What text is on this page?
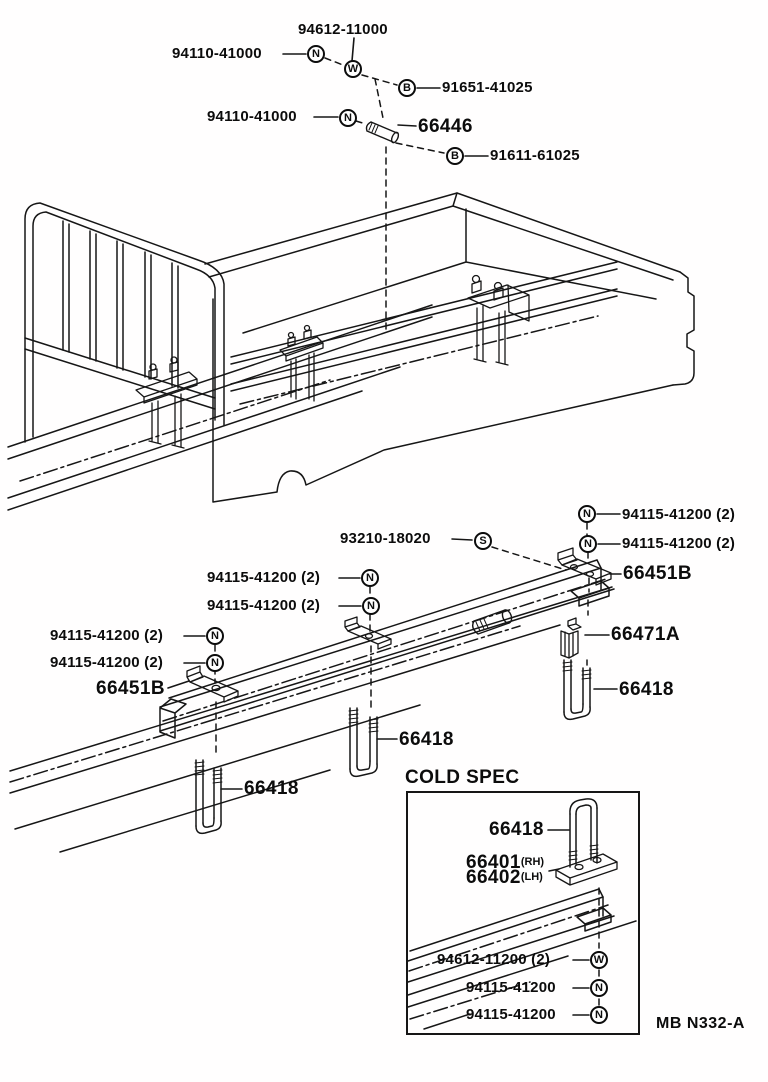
94612-11000
94110-41000
91651-41025
94110-41000	66446
91611-61025
93210-18020
94115-41200 (2)
94115-41200 (2)
66451B
94115-41200 (2)
94115-41200 (2)
94115-41200 (2)
94115-41200 (2)
66451B
66471A
66418
66418
66418
COLD SPEC
66418
66401(RH)
66402(LH)
94612-11200 (2)
94115-41200
94115-41200
MB N332-A
N
W
B
N
B
S
N
N
N
N
N
N
W
N
N
